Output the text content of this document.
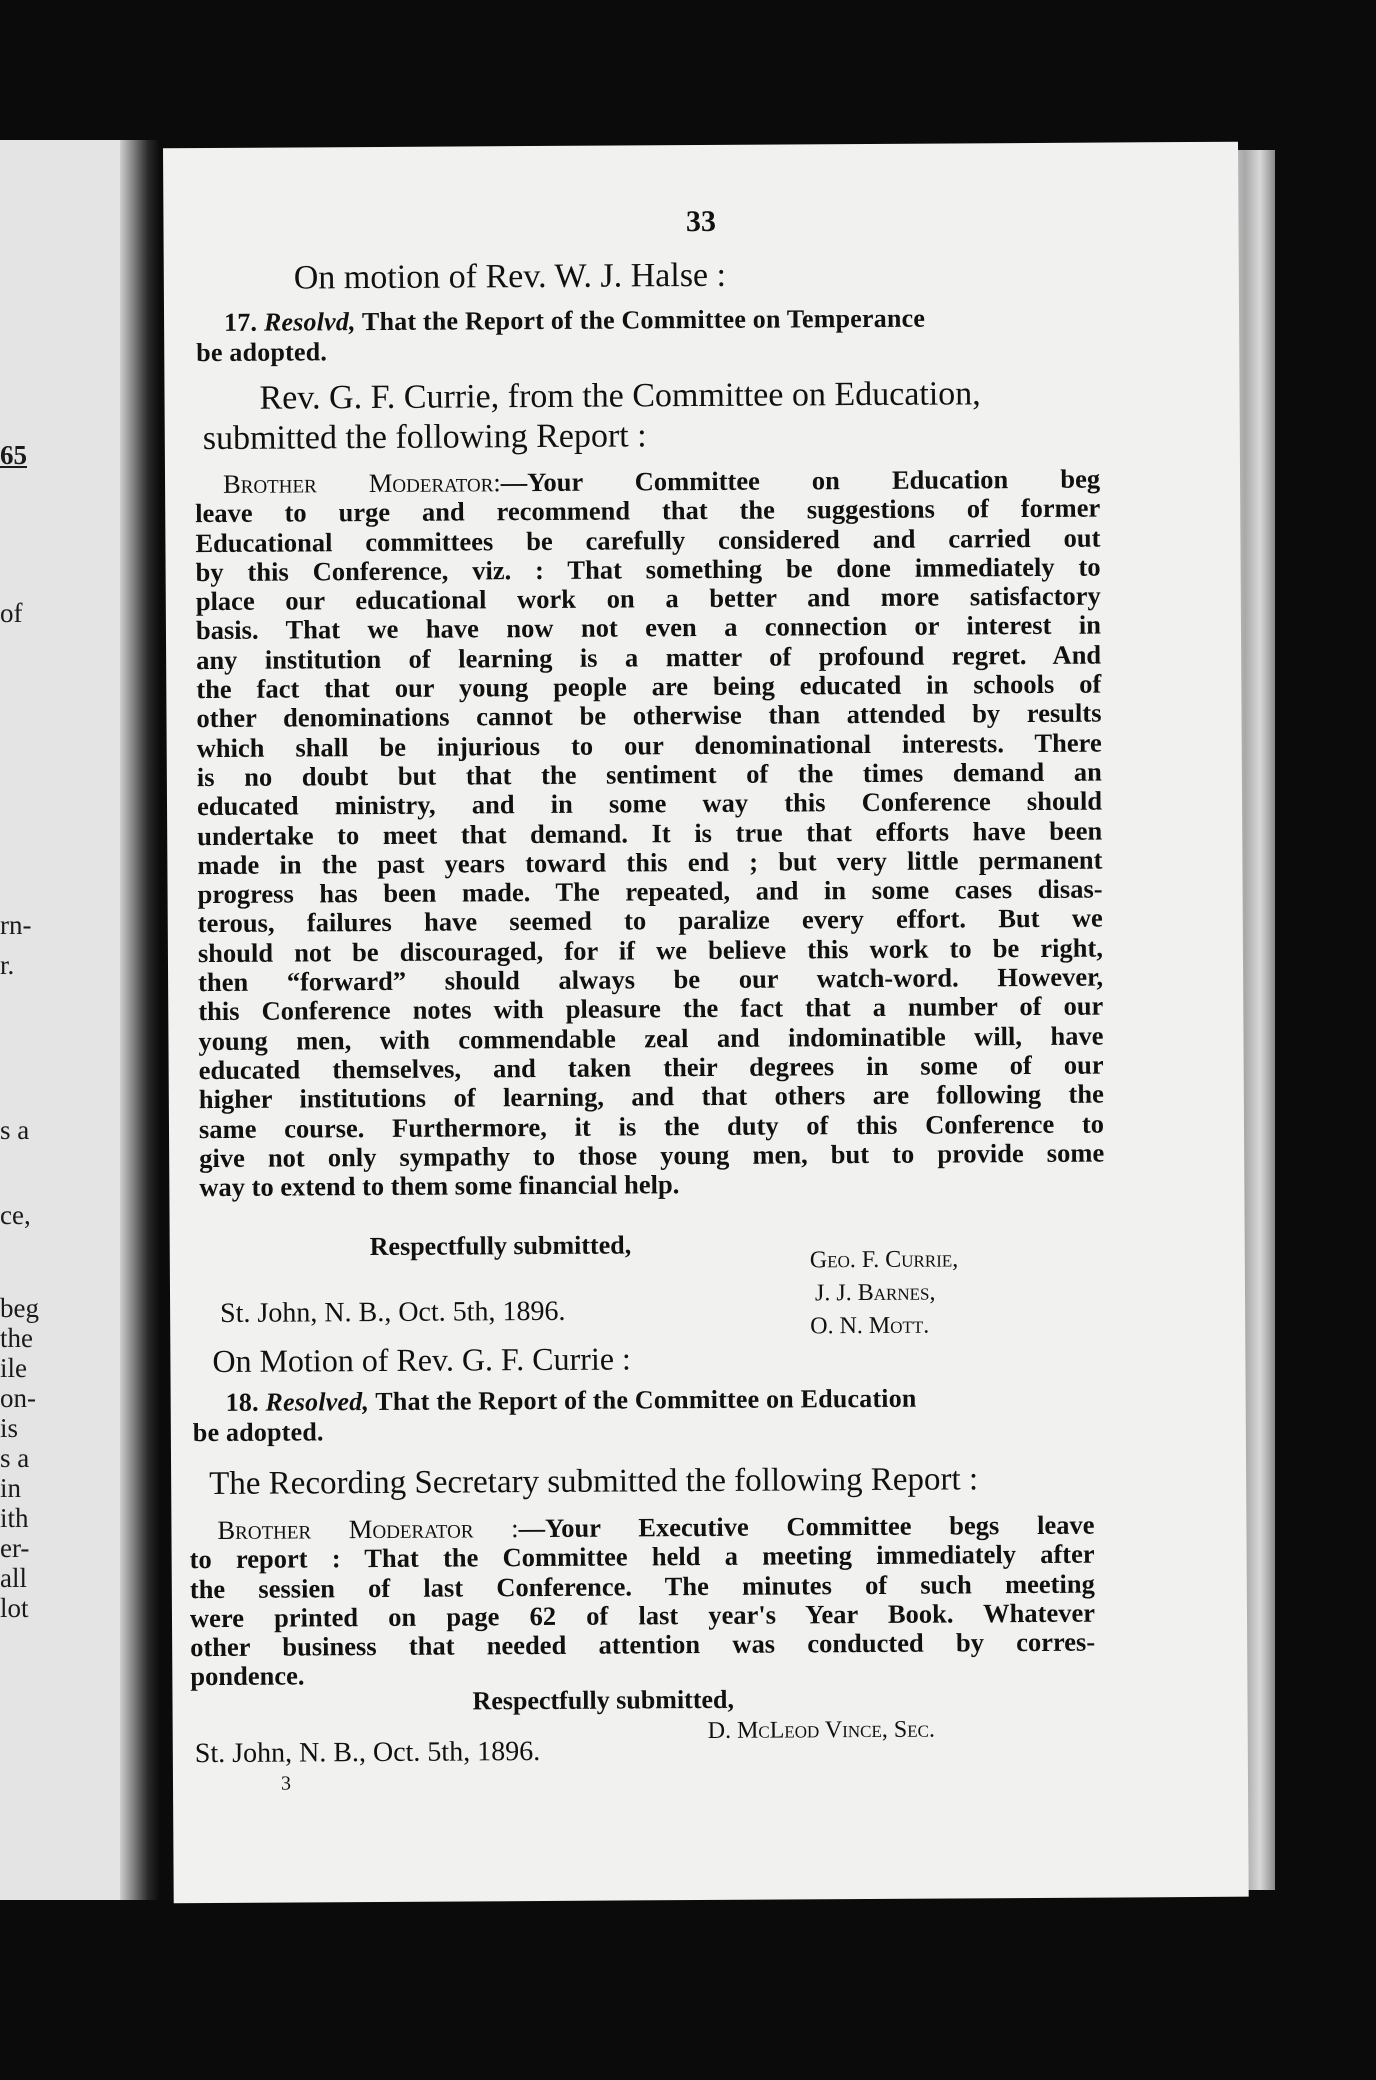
65
of
rn-
r.
s a
ce,
beg
the
ile
on-
is
s a
in
ith
er-
all
lot
33
On motion of Rev. W. J. Halse :
17. Resolvd, That the Report of the Committee on Temperance
be adopted.
Rev. G. F. Currie, from the Committee on Education,
submitted the following Report :

Brother Moderator:—Your Committee on Education beg

leave to urge and recommend that the suggestions of former

Educational committees be carefully considered and carried out

by this Conference, viz. : That something be done immediately to

place our educational work on a better and more satisfactory

basis. That we have now not even a connection or interest in

any institution of learning is a matter of profound regret. And

the fact that our young people are being educated in schools of

other denominations cannot be otherwise than attended by results

which shall be injurious to our denominational interests. There

is no doubt but that the sentiment of the times demand an

educated ministry, and in some way this Conference should

undertake to meet that demand. It is true that efforts have been

made in the past years toward this end ; but very little permanent

progress has been made. The repeated, and in some cases disas-

terous, failures have seemed to paralize every effort. But we

should not be discouraged, for if we believe this work to be right,

then “forward” should always be our watch-word. However,

this Conference notes with pleasure the fact that a number of our

young men, with commendable zeal and indominatible will, have

educated themselves, and taken their degrees in some of our

higher institutions of learning, and that others are following the

same course. Furthermore, it is the duty of this Conference to

give not only sympathy to those young men, but to provide some

way to extend to them some financial help.

Respectfully submitted,	Geo. F. Currie,
J. J. Barnes,
O. N. Mott.
St. John, N. B., Oct. 5th, 1896.
On Motion of Rev. G. F. Currie :
18. Resolved, That the Report of the Committee on Education
be adopted.
The Recording Secretary submitted the following Report :

Brother Moderator :—Your Executive Committee begs leave

to report : That the Committee held a meeting immediately after

the sessien of last Conference. The minutes of such meeting

were printed on page 62 of last year's Year Book. Whatever

other business that needed attention was conducted by corres-

pondence.

Respectfully submitted,
D. McLeod Vince, Sec.
St. John, N. B., Oct. 5th, 1896.
3
